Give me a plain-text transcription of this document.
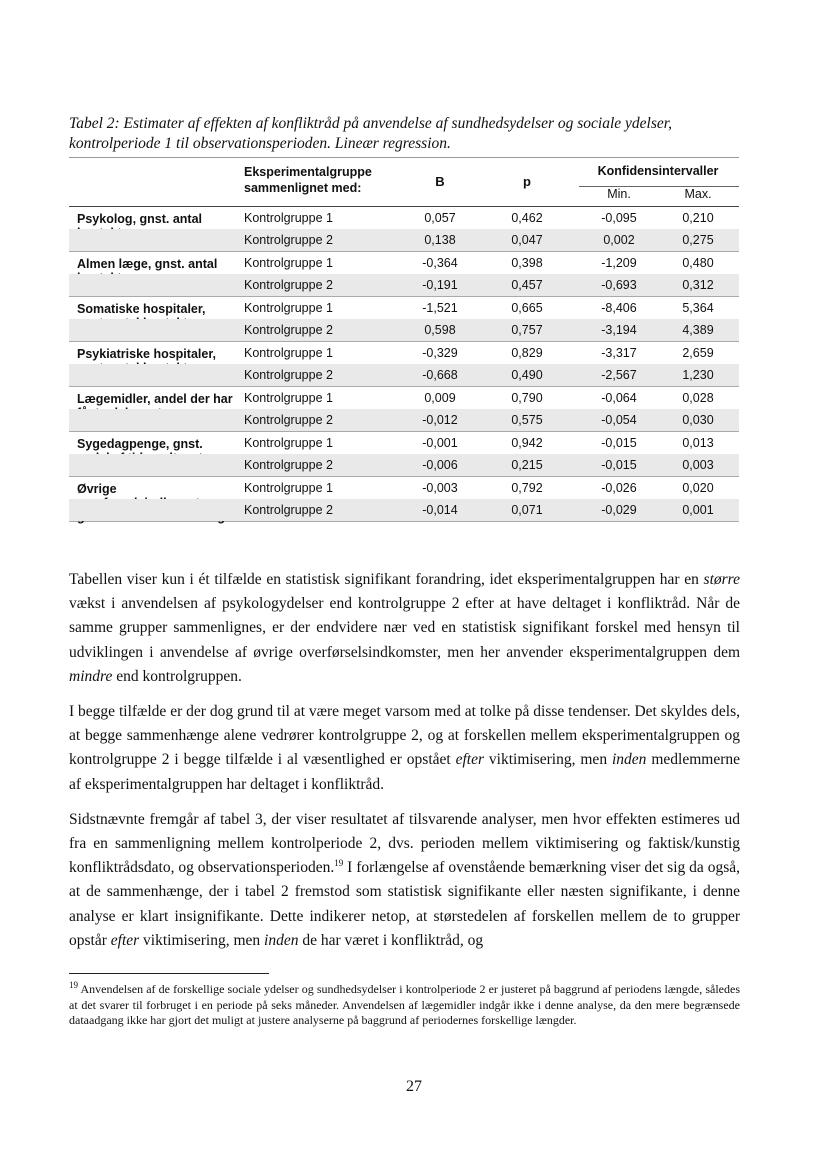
Tabel 2: Estimater af effekten af konfliktråd på anvendelse af sundhedsydelser og sociale ydelser, kontrolperiode 1 til observationsperioden. Lineær regression.
Eksperimentalgruppe sammenlignet med:	B	p
Konfidensintervaller
Min.	Max.
Psykolog, gnst. antal	Kontrolgruppe 1	0,057	0,462	-0,095	0,210
Kontrolgruppe 2	0,138	0,047	0,002	0,275
Almen læge, gnst. antal	Kontrolgruppe 1	-0,364	0,398	-1,209	0,480
Kontrolgruppe 2	-0,191	0,457	-0,693	0,312
Somatiske hospitaler,	Kontrolgruppe 1	-1,521	0,665	-8,406	5,364
Kontrolgruppe 2	0,598	0,757	-3,194	4,389
Psykiatriske hospitaler,	Kontrolgruppe 1	-0,329	0,829	-3,317	2,659
Kontrolgruppe 2	-0,668	0,490	-2,567	1,230
Lægemidler, andel der har Kontrolgruppe 1	0,009	0,790	-0,064	0,028
Kontrolgruppe 2	-0,012	0,575	-0,054	0,030
Sygedagpenge, gnst.	Kontrolgruppe 1	-0,001	0,942	-0,015	0,013
Kontrolgruppe 2	-0,006	0,215	-0,015	0,003
Øvrige	Kontrolgruppe 1	-0,003	0,792	-0,026	0,020
Kontrolgruppe 2	-0,014	0,071	-0,029	0,001

Tabellen viser kun i ét tilfælde en statistisk signifikant forandring, idet eksperimentalgruppen har en større vækst i anvendelsen af psykologydelser end kontrolgruppe 2 efter at have deltaget i konfliktråd. Når de samme grupper sammenlignes, er der endvidere nær ved en statistisk signifikant forskel med hensyn til udviklingen i anvendelse af øvrige overførselsindkomster, men her anvender eksperimentalgruppen dem mindre end kontrolgruppen.

I begge tilfælde er der dog grund til at være meget varsom med at tolke på disse tendenser. Det skyldes dels, at begge sammenhænge alene vedrører kontrolgruppe 2, og at forskellen mellem eksperimentalgruppen og kontrolgruppe 2 i begge tilfælde i al væsentlighed er opstået efter viktimisering, men inden medlemmerne af eksperimentalgruppen har deltaget i konfliktråd.

Sidstnævnte fremgår af tabel 3, der viser resultatet af tilsvarende analyser, men hvor effekten estimeres ud fra en sammenligning mellem kontrolperiode 2, dvs. perioden mellem viktimisering og faktisk/kunstig konfliktrådsdato, og observationsperioden.$^{19}$ I forlængelse af ovenstående bemærkning viser det sig da også, at de sammenhænge, der i tabel 2 fremstod som statistisk signifikante eller næsten signifikante, i denne analyse er klart insignifikante. Dette indikerer netop, at størstedelen af forskellen mellem de to grupper opstår efter viktimisering, men inden de har været i konfliktråd, og

$^{19}$ Anvendelsen af de forskellige sociale ydelser og sundhedsydelser i kontrolperiode 2 er justeret på baggrund af periodens længde, således at det svarer til forbruget i en periode på seks måneder. Anvendelsen af lægemidler indgår ikke i denne analyse, da den mere begrænsede dataadgang ikke har gjort det muligt at justere analyserne på baggrund af periodernes forskellige længder.
27
